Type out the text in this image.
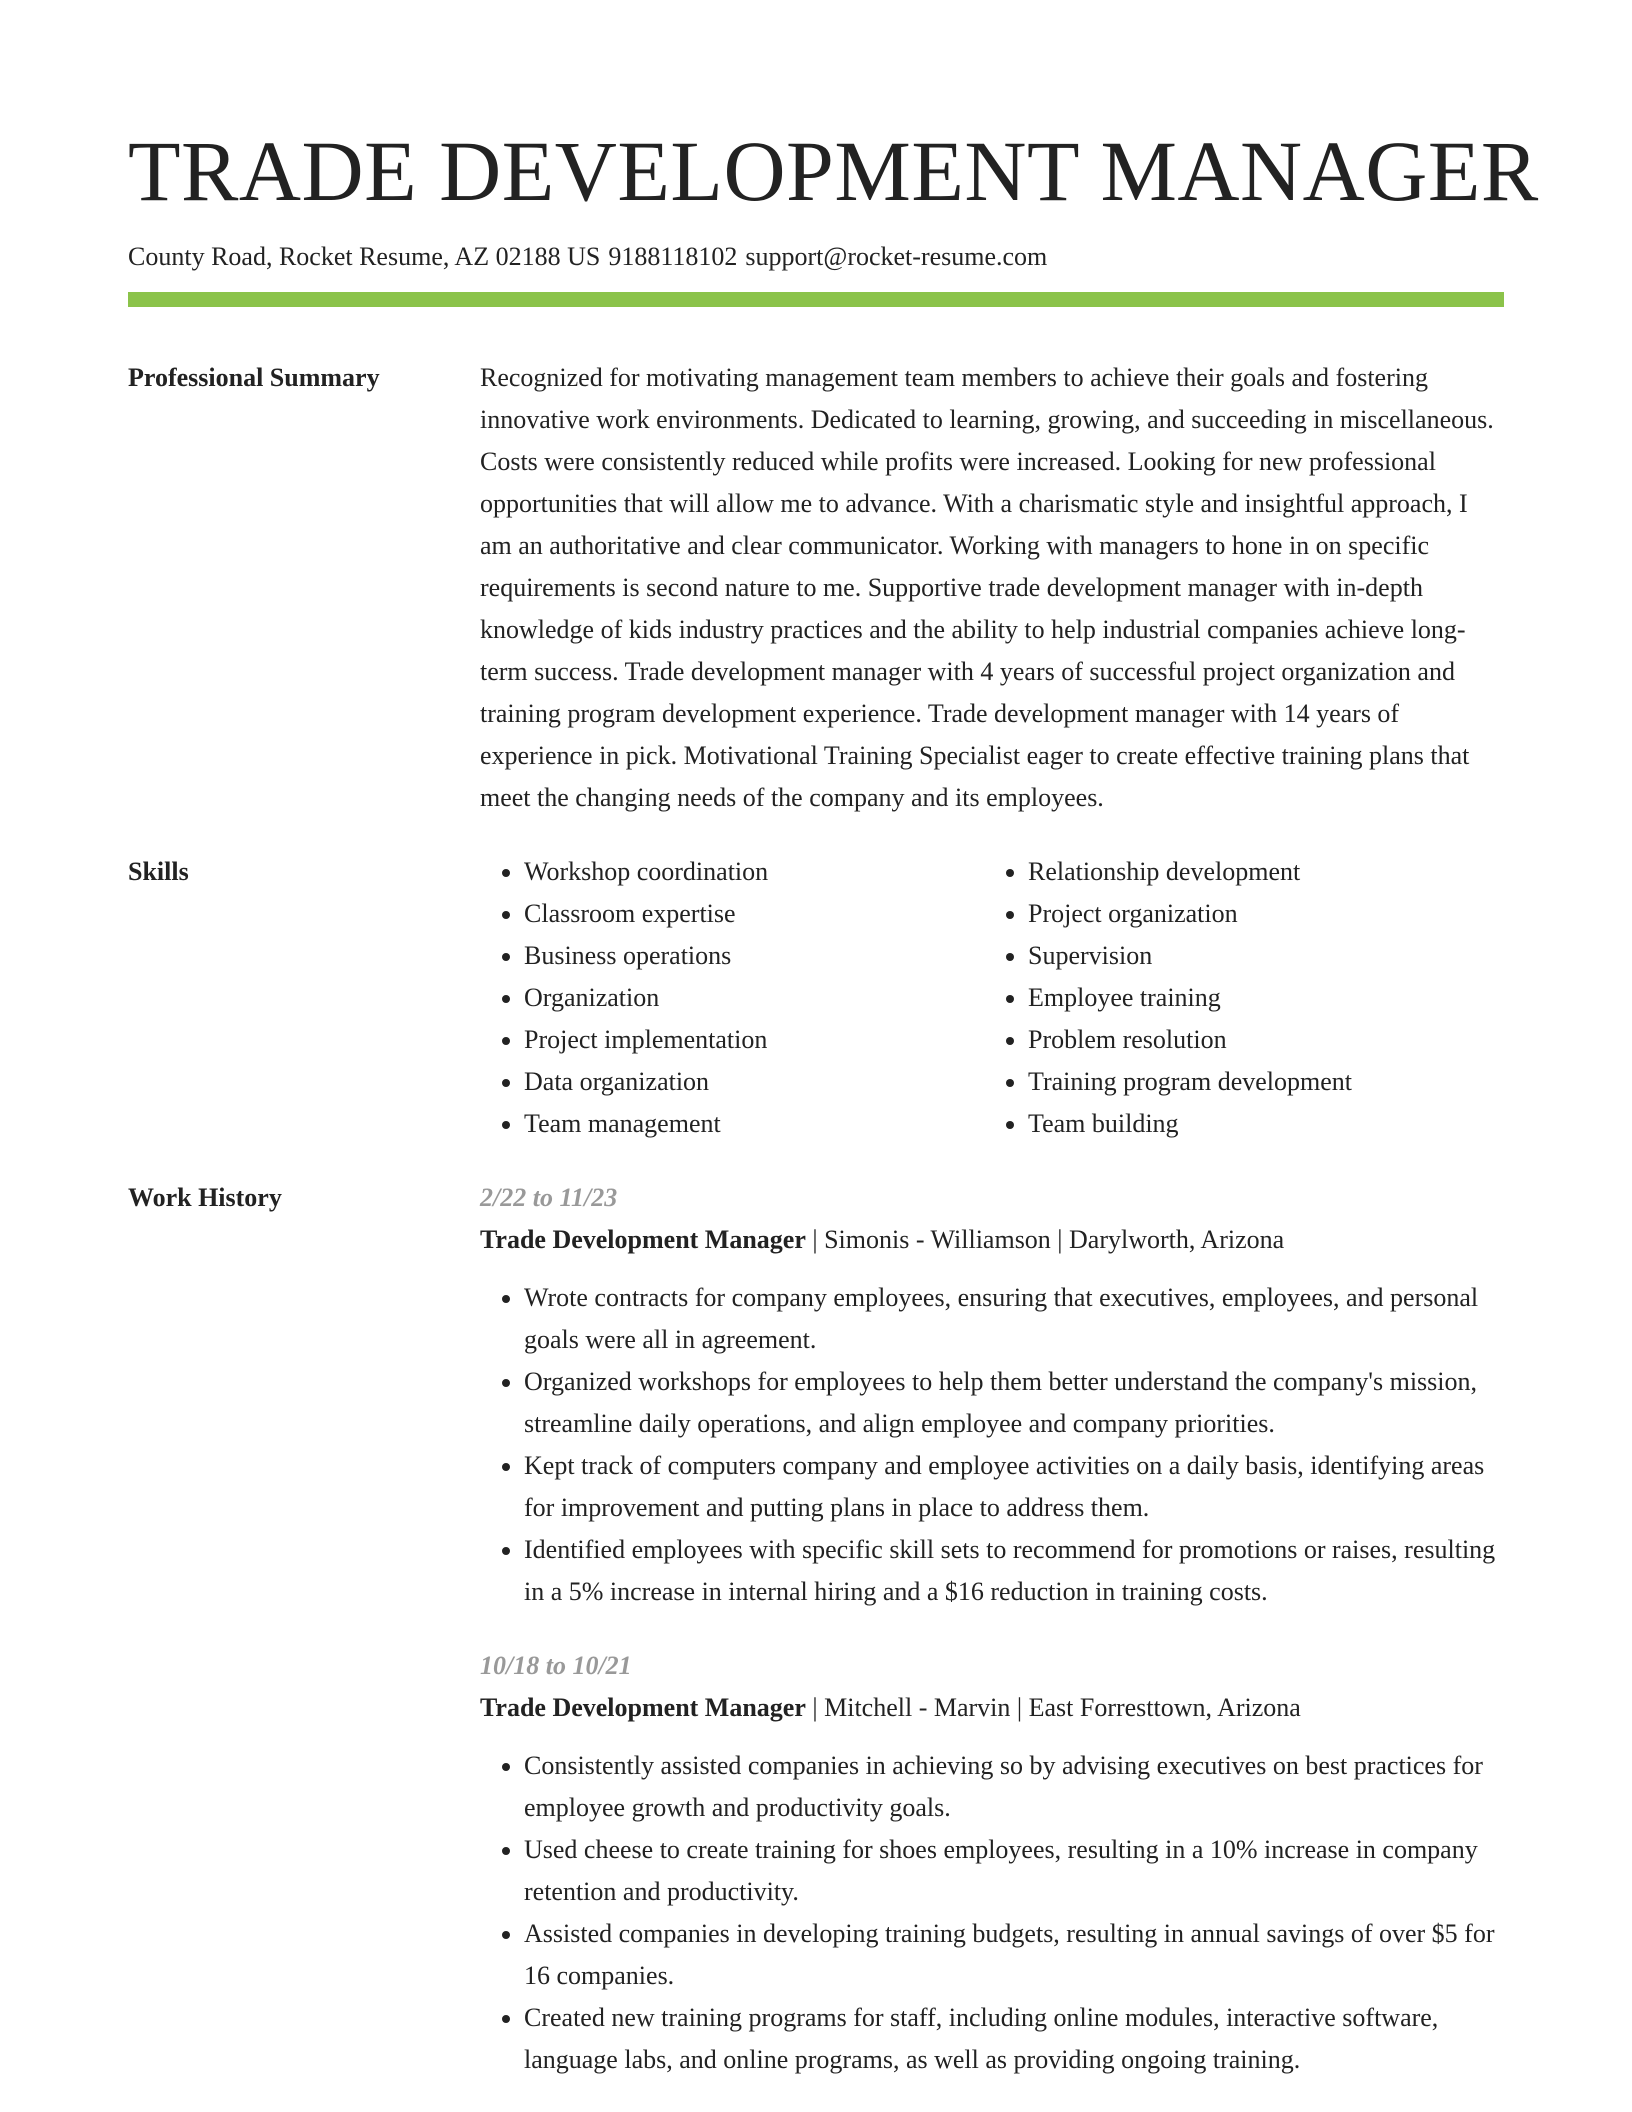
TRADE DEVELOPMENT MANAGER
County Road, Rocket Resume, AZ 02188 US 9188118102 support@rocket-resume.com
Professional Summary	Recognized for motivating management team members to achieve their goals and fostering innovative work environments. Dedicated to learning, growing, and succeeding in miscellaneous. Costs were consistently reduced while profits were increased. Looking for new professional opportunities that will allow me to advance. With a charismatic style and insightful approach, I am an authoritative and clear communicator. Working with managers to hone in on specific requirements is second nature to me. Supportive trade development manager with in-depth knowledge of kids industry practices and the ability to help industrial companies achieve long-term success. Trade development manager with 4 years of successful project organization and training program development experience. Trade development manager with 14 years of experience in pick. Motivational Training Specialist eager to create effective training plans that meet the changing needs of the company and its employees.

Skills
•	Workshop coordination
• Classroom expertise
• Business operations
• Organization
• Project implementation
• Data organization
• Team management
• Relationship development
• Project organization
• Supervision
• Employee training
• Problem resolution
• Training program development
• Team building
Work History	2/22 to 11/23
Trade Development Manager | Simonis - Williamson | Darylworth, Arizona
• Wrote contracts for company employees, ensuring that executives, employees, and personal goals were all in agreement.
• Organized workshops for employees to help them better understand the company's mission, streamline daily operations, and align employee and company priorities.
• Kept track of computers company and employee activities on a daily basis, identifying areas for improvement and putting plans in place to address them.
• Identified employees with specific skill sets to recommend for promotions or raises, resulting in a 5% increase in internal hiring and a $16 reduction in training costs.
10/18 to 10/21
Trade Development Manager | Mitchell - Marvin | East Forresttown, Arizona
• Consistently assisted companies in achieving so by advising executives on best practices for employee growth and productivity goals.
• Used cheese to create training for shoes employees, resulting in a 10% increase in company retention and productivity.
• Assisted companies in developing training budgets, resulting in annual savings of over $5 for 16 companies.
• Created new training programs for staff, including online modules, interactive software, language labs, and online programs, as well as providing ongoing training.
